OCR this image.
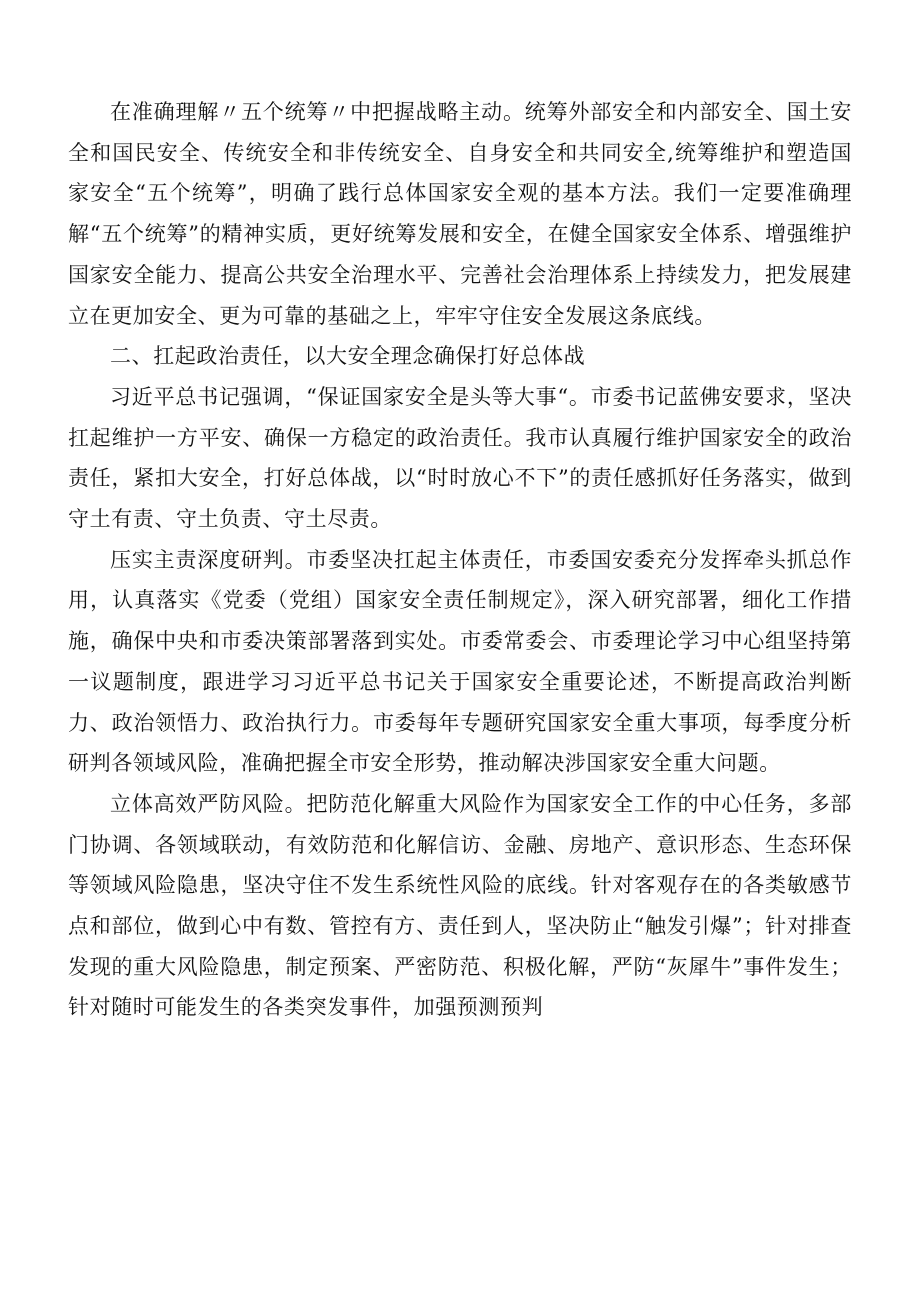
在准确理解〃五个统筹〃中把握战略主动。统筹外部安全和内部安全、国土安全和国民安全、传统安全和非传统安全、自身安全和共同安全,统筹维护和塑造国家安全“五个统筹”，明确了践行总体国家安全观的基本方法。我们一定要准确理解“五个统筹”的精神实质，更好统筹发展和安全，在健全国家安全体系、增强维护国家安全能力、提高公共安全治理水平、完善社会治理体系上持续发力，把发展建立在更加安全、更为可靠的基础之上，牢牢守住安全发展这条底线。

二、扛起政治责任，以大安全理念确保打好总体战

习近平总书记强调，“保证国家安全是头等大事“。市委书记蓝佛安要求，坚决扛起维护一方平安、确保一方稳定的政治责任。我市认真履行维护国家安全的政治责任，紧扣大安全，打好总体战，以“时时放心不下”的责任感抓好任务落实，做到守土有责、守土负责、守土尽责。

压实主责深度研判。市委坚决扛起主体责任，市委国安委充分发挥牵头抓总作用，认真落实《党委（党组）国家安全责任制规定》，深入研究部署，细化工作措施，确保中央和市委决策部署落到实处。市委常委会、市委理论学习中心组坚持第一议题制度，跟进学习习近平总书记关于国家安全重要论述，不断提高政治判断力、政治领悟力、政治执行力。市委每年专题研究国家安全重大事项，每季度分析研判各领域风险，准确把握全市安全形势，推动解决涉国家安全重大问题。

立体高效严防风险。把防范化解重大风险作为国家安全工作的中心任务，多部门协调、各领域联动，有效防范和化解信访、金融、房地产、意识形态、生态环保等领域风险隐患，坚决守住不发生系统性风险的底线。针对客观存在的各类敏感节点和部位，做到心中有数、管控有方、责任到人，坚决防止“触发引爆”；针对排查发现的重大风险隐患，制定预案、严密防范、积极化解，严防“灰犀牛”事件发生；针对随时可能发生的各类突发事件，加强预测预判
